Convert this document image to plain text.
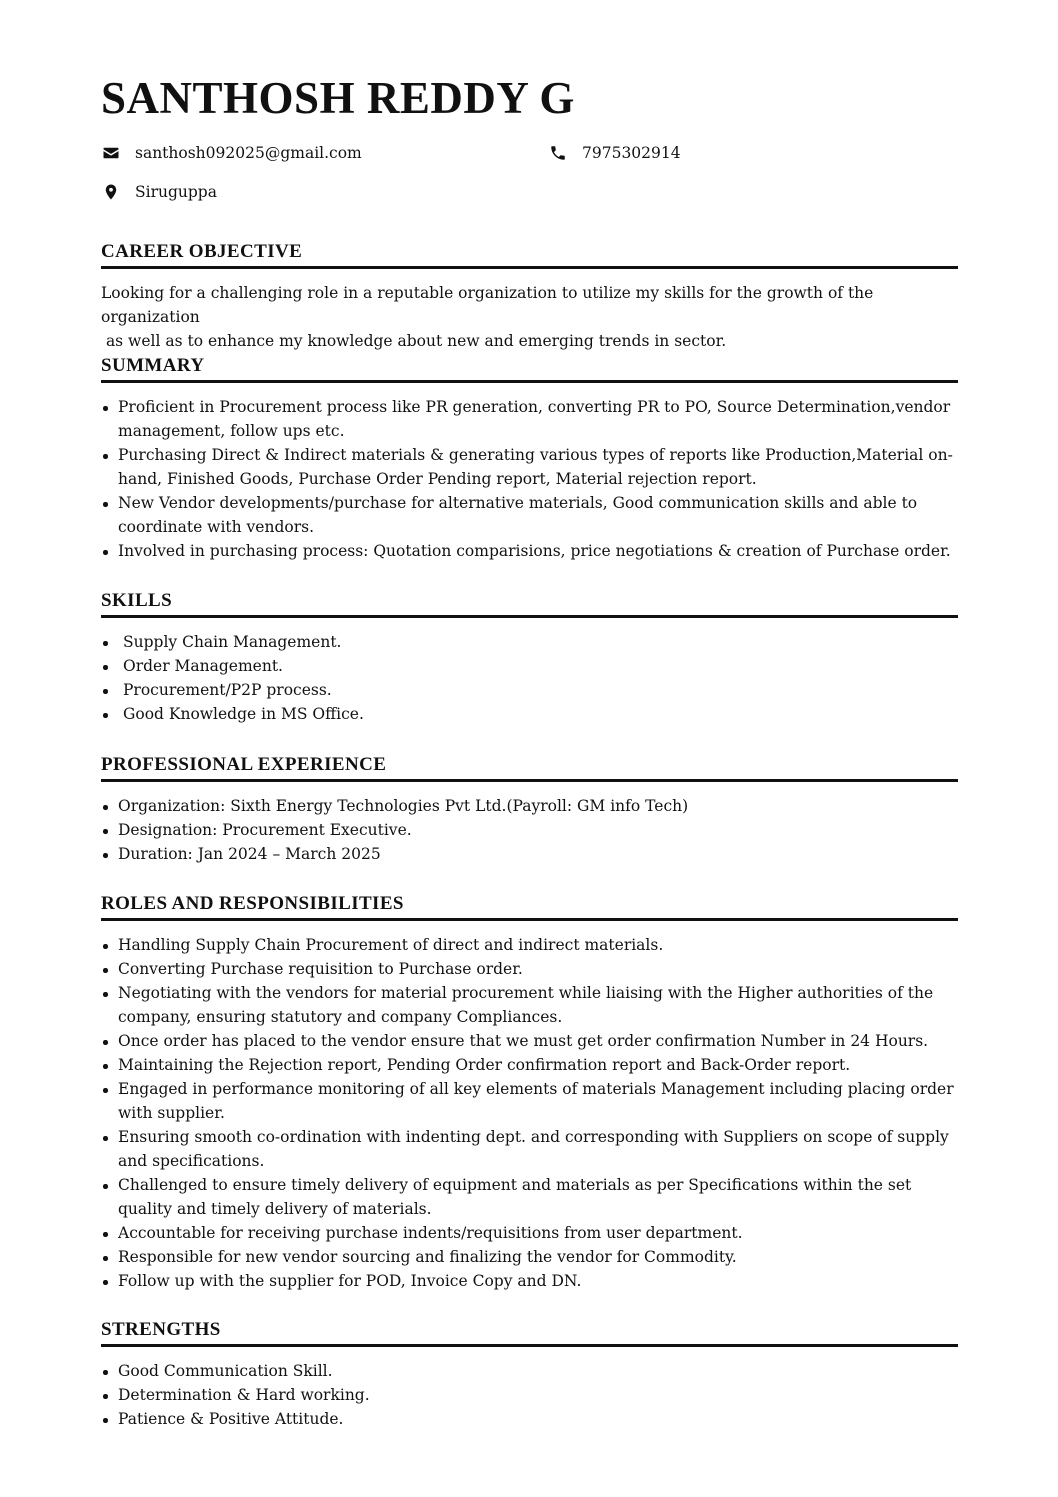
SANTHOSH REDDY G
santhosh092025@gmail.com	7975302914
Siruguppa
CAREER OBJECTIVE
Looking for a challenging role in a reputable organization to utilize my skills for the growth of the organization
as well as to enhance my knowledge about new and emerging trends in sector.
SUMMARY
Proficient in Procurement process like PR generation, converting PR to PO, Source Determination,vendor management, follow ups etc.
Purchasing Direct & Indirect materials & generating various types of reports like Production,Material on-hand, Finished Goods, Purchase Order Pending report, Material rejection report.
New Vendor developments/purchase for alternative materials, Good communication skills and able to coordinate with vendors.
Involved in purchasing process: Quotation comparisions, price negotiations & creation of Purchase order.
SKILLS
Supply Chain Management.
Order Management.
Procurement/P2P process.
Good Knowledge in MS Office.
PROFESSIONAL EXPERIENCE
Organization: Sixth Energy Technologies Pvt Ltd.(Payroll: GM info Tech)
Designation: Procurement Executive.
Duration: Jan 2024 – March 2025
ROLES AND RESPONSIBILITIES
Handling Supply Chain Procurement of direct and indirect materials.
Converting Purchase requisition to Purchase order.
Negotiating with the vendors for material procurement while liaising with the Higher authorities of the company, ensuring statutory and company Compliances.
Once order has placed to the vendor ensure that we must get order confirmation Number in 24 Hours.
Maintaining the Rejection report, Pending Order confirmation report and Back-Order report.
Engaged in performance monitoring of all key elements of materials Management including placing order with supplier.
Ensuring smooth co-ordination with indenting dept. and corresponding with Suppliers on scope of supply and specifications.
Challenged to ensure timely delivery of equipment and materials as per Specifications within the set quality and timely delivery of materials.
Accountable for receiving purchase indents/requisitions from user department.
Responsible for new vendor sourcing and finalizing the vendor for Commodity.
Follow up with the supplier for POD, Invoice Copy and DN.
STRENGTHS
Good Communication Skill.
Determination & Hard working.
Patience & Positive Attitude.
